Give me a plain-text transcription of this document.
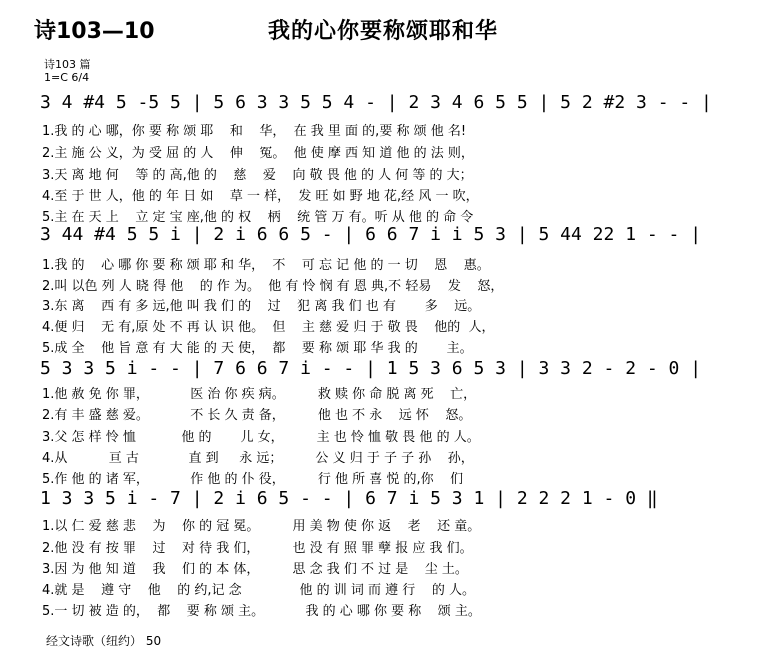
诗103—10	我的心你要称颂耶和华
诗103 篇
1=C 6/4
3 4 #4 5 -5 5 | 5 6 3 3 5 5 4 - | 2 3 4 6 5 5 | 5 2 #2 3 - - |
1.我 的 心 哪，你 要 称 颂 耶    和    华，  在 我 里 面 的,要 称 颂 他 名!
2.主 施 公 义，为 受 屈 的 人    伸    冤。  他 使 摩 西 知 道 他 的 法 则，
3.天 离 地 何    等 的 高,他 的    慈    爱    向 敬 畏 他 的 人 何 等 的 大；
4.至 于 世 人，他 的 年 日 如    草 一 样，  发 旺 如 野 地 花,经 风 一 吹，
5.主 在 天 上    立 定 宝 座,他 的 权    柄    统 管 万 有。听 从 他 的 命 令
3 44 #4 5 5 i | 2 i 6 6 5 - | 6 6 7 i i 5 3 | 5 44 22 1 - - |
1.我 的    心 哪 你 要 称 颂 耶 和 华，  不    可 忘 记 他 的 一 切    恩    惠。
2.叫 以色 列 人 晓 得 他    的 作 为。  他 有 怜 悯 有 恩 典,不 轻易    发    怒，
3.东 离    西 有 多 远,他 叫 我 们 的    过    犯 离 我 们 也 有       多    远。
4.便 归    无 有,原 处 不 再 认 识 他。  但    主 慈 爱 归 于 敬 畏    他的  人，
5.成 全    他 旨 意 有 大 能 的 天 使，  都    要 称 颂 耶 华 我 的       主。
5 3 3 5 i - - | 7 6 6 7 i - - | 1 5 3 6 5 3 | 3 3 2 - 2 - 0 |
1.他 赦 免 你 罪，          医 治 你 疾 病。        救 赎 你 命 脱 离 死    亡，
2.有 丰 盛 慈 爱。          不 长 久 责 备，        他 也 不 永    远 怀    怒。
3.父 怎 样 怜 恤           他 的       儿 女，        主 也 怜 恤 敬 畏 他 的 人。
4.从          亘 古            直 到     永 远；        公 义 归 于 子 子 孙    孙，
5.作 他 的 诸 军，          作 他 的 仆 役，        行 他 所 喜 悦 的,你    们
1 3 3 5 i - 7 | 2 i 6 5 - - | 6 7 i 5 3 1 | 2 2 2 1 - 0 ‖
1.以 仁 爱 慈 悲    为    你 的 冠 冕。        用 美 物 使 你 返    老    还 童。
2.他 没 有 按 罪    过    对 待 我 们，        也 没 有 照 罪 孽 报 应 我 们。
3.因 为 他 知 道    我    们 的 本 体，        思 念 我 们 不 过 是    尘 土。
4.就 是    遵 守    他    的 约,记 念              他 的 训 词 而 遵 行    的 人。
5.一 切 被 造 的，  都    要 称 颂 主。          我 的 心 哪 你 要 称    颂 主。
经文诗歌（纽约） 50
